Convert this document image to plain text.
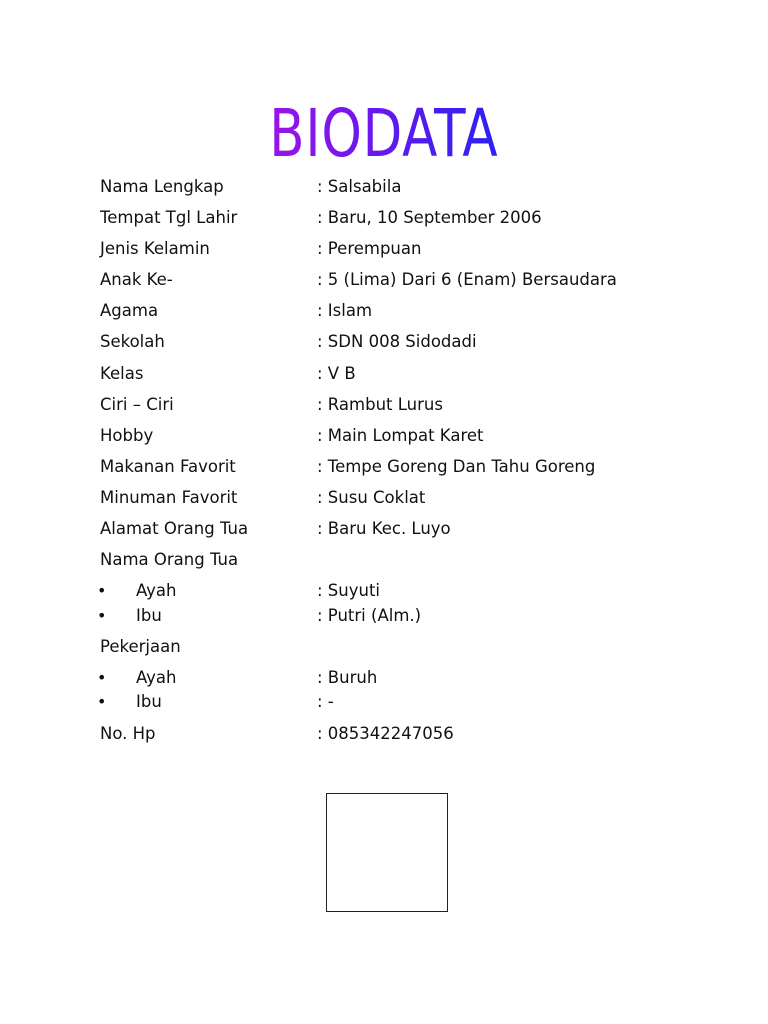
BIODATA
Nama Lengkap	: Salsabila
Tempat Tgl Lahir	: Baru, 10 September 2006
Jenis Kelamin	: Perempuan
Anak Ke-	: 5 (Lima) Dari 6 (Enam) Bersaudara
Agama	: Islam
Sekolah	: SDN 008 Sidodadi
Kelas	: V B
Ciri – Ciri	: Rambut Lurus
Hobby	: Main Lompat Karet
Makanan Favorit	: Tempe Goreng Dan Tahu Goreng
Minuman Favorit	: Susu Coklat
Alamat Orang Tua	: Baru Kec. Luyo
Nama Orang Tua
• Ayah	: Suyuti
• Ibu	: Putri (Alm.)
Pekerjaan
• Ayah	: Buruh
• Ibu	: -
No. Hp	: 085342247056
